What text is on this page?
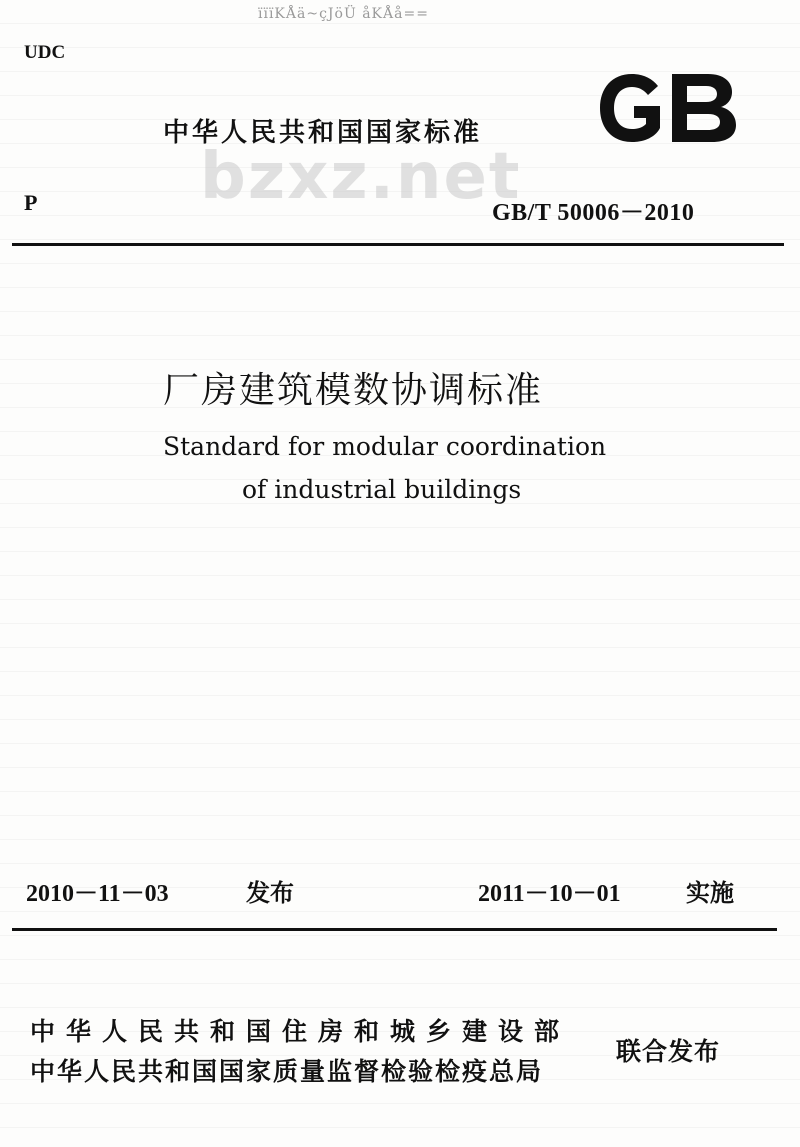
ïïïKÅä~çJöÜ åKÅå==
UDC
中华人民共和国国家标准
bzxz.net
P	GB/T 50006－2010
厂房建筑模数协调标准
Standard for modular coordination
of industrial buildings
2010－11－03	发布	2011－10－01	实施
中华人民共和国住房和城乡建设部
中华人民共和国国家质量监督检验检疫总局
联合发布
